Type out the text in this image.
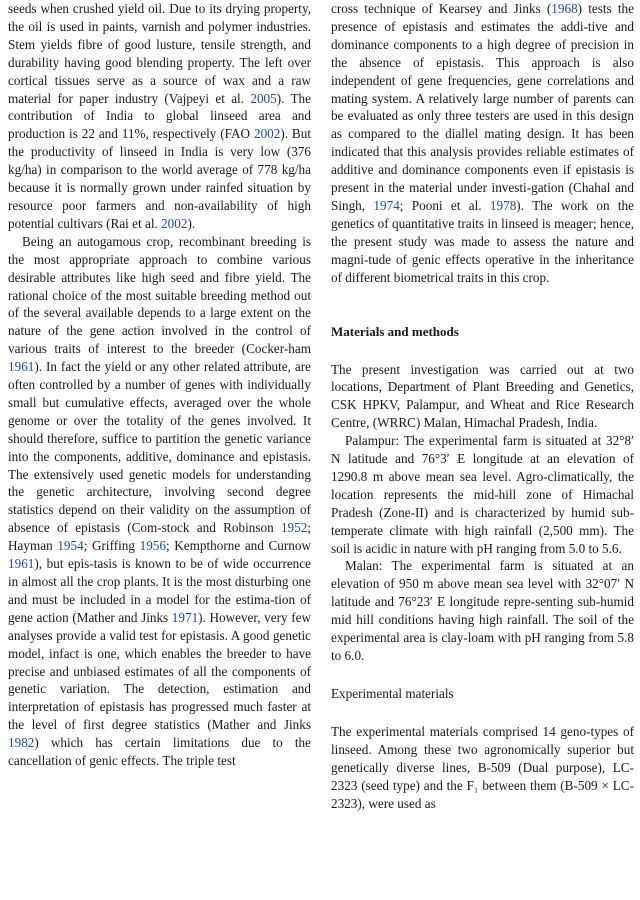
seeds when crushed yield oil. Due to its drying property, the oil is used in paints, varnish and polymer industries. Stem yields fibre of good lusture, tensile strength, and durability having good blending property. The left over cortical tissues serve as a source of wax and a raw material for paper industry (Vajpeyi et al. 2005). The contribution of India to global linseed area and production is 22 and 11%, respectively (FAO 2002). But the productivity of linseed in India is very low (376 kg/ha) in comparison to the world average of 778 kg/ha because it is normally grown under rainfed situation by resource poor farmers and non-availability of high potential cultivars (Rai et al. 2002).

Being an autogamous crop, recombinant breeding is the most appropriate approach to combine various desirable attributes like high seed and fibre yield. The rational choice of the most suitable breeding method out of the several available depends to a large extent on the nature of the gene action involved in the control of various traits of interest to the breeder (Cocker-ham 1961). In fact the yield or any other related attribute, are often controlled by a number of genes with individually small but cumulative effects, averaged over the whole genome or over the totality of the genes involved. It should therefore, suffice to partition the genetic variance into the components, additive, dominance and epistasis. The extensively used genetic models for understanding the genetic architecture, involving second degree statistics depend on their validity on the assumption of absence of epistasis (Com-stock and Robinson 1952; Hayman 1954; Griffing 1956; Kempthorne and Curnow 1961), but epis-tasis is known to be of wide occurrence in almost all the crop plants. It is the most disturbing one and must be included in a model for the estima-tion of gene action (Mather and Jinks 1971). However, very few analyses provide a valid test for epistasis. A good genetic model, infact is one, which enables the breeder to have precise and unbiased estimates of all the components of genetic variation. The detection, estimation and interpretation of epistasis has progressed much faster at the level of first degree statistics (Mather and Jinks 1982) which has certain limitations due to the cancellation of genic effects. The triple test

cross technique of Kearsey and Jinks (1968) tests the presence of epistasis and estimates the addi-tive and dominance components to a high degree of precision in the absence of epistasis. This approach is also independent of gene frequencies, gene correlations and mating system. A relatively large number of parents can be evaluated as only three testers are used in this design as compared to the diallel mating design. It has been indicated that this analysis provides reliable estimates of additive and dominance components even if epistasis is present in the material under investi-gation (Chahal and Singh, 1974; Pooni et al. 1978). The work on the genetics of quantitative traits in linseed is meager; hence, the present study was made to assess the nature and magni-tude of genic effects operative in the inheritance of different biometrical traits in this crop.

Materials and methods

The present investigation was carried out at two locations, Department of Plant Breeding and Genetics, CSK HPKV, Palampur, and Wheat and Rice Research Centre, (WRRC) Malan, Himachal Pradesh, India.

Palampur: The experimental farm is situated at 32°8′ N latitude and 76°3′ E longitude at an elevation of 1290.8 m above mean sea level. Agro-climatically, the location represents the mid-hill zone of Himachal Pradesh (Zone-II) and is characterized by humid sub-temperate climate with high rainfall (2,500 mm). The soil is acidic in nature with pH ranging from 5.0 to 5.6.

Malan: The experimental farm is situated at an elevation of 950 m above mean sea level with 32°07′ N latitude and 76°23′ E longitude repre-senting sub-humid mid hill conditions having high rainfall. The soil of the experimental area is clay-loam with pH ranging from 5.8 to 6.0.

Experimental materials

The experimental materials comprised 14 geno-types of linseed. Among these two agronomically superior but genetically diverse lines, B-509 (Dual purpose), LC-2323 (seed type) and the F₁ between them (B-509 × LC-2323), were used as
